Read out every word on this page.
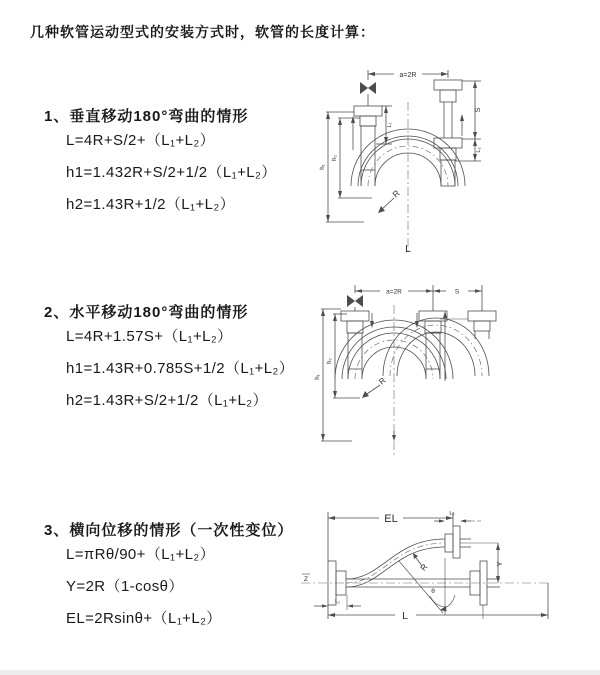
几种软管运动型式的安装方式时，软管的长度计算：
1、垂直移动180°弯曲的情形
L=4R+S/2+（L₁+L₂）
h1=1.432R+S/2+1/2（L₁+L₂）
h2=1.43R+1/2（L₁+L₂）
a=2R
S
L₂
h₁
h₂
L₁
R
L
2、水平移动180°弯曲的情形
L=4R+1.57S+（L₁+L₂）
h1=1.43R+0.785S+1/2（L₁+L₂）
h2=1.43R+S/2+1/2（L₁+L₂）
a=2R	S
h₁
h₂
R
3、横向位移的情形（一次性变位）
L=πRθ/90+（L₁+L₂）
Y=2R（1-cosθ）
EL=2Rsinθ+（L₁+L₂）
Z
EL	L₂
Y
θ
R
L₁
L
